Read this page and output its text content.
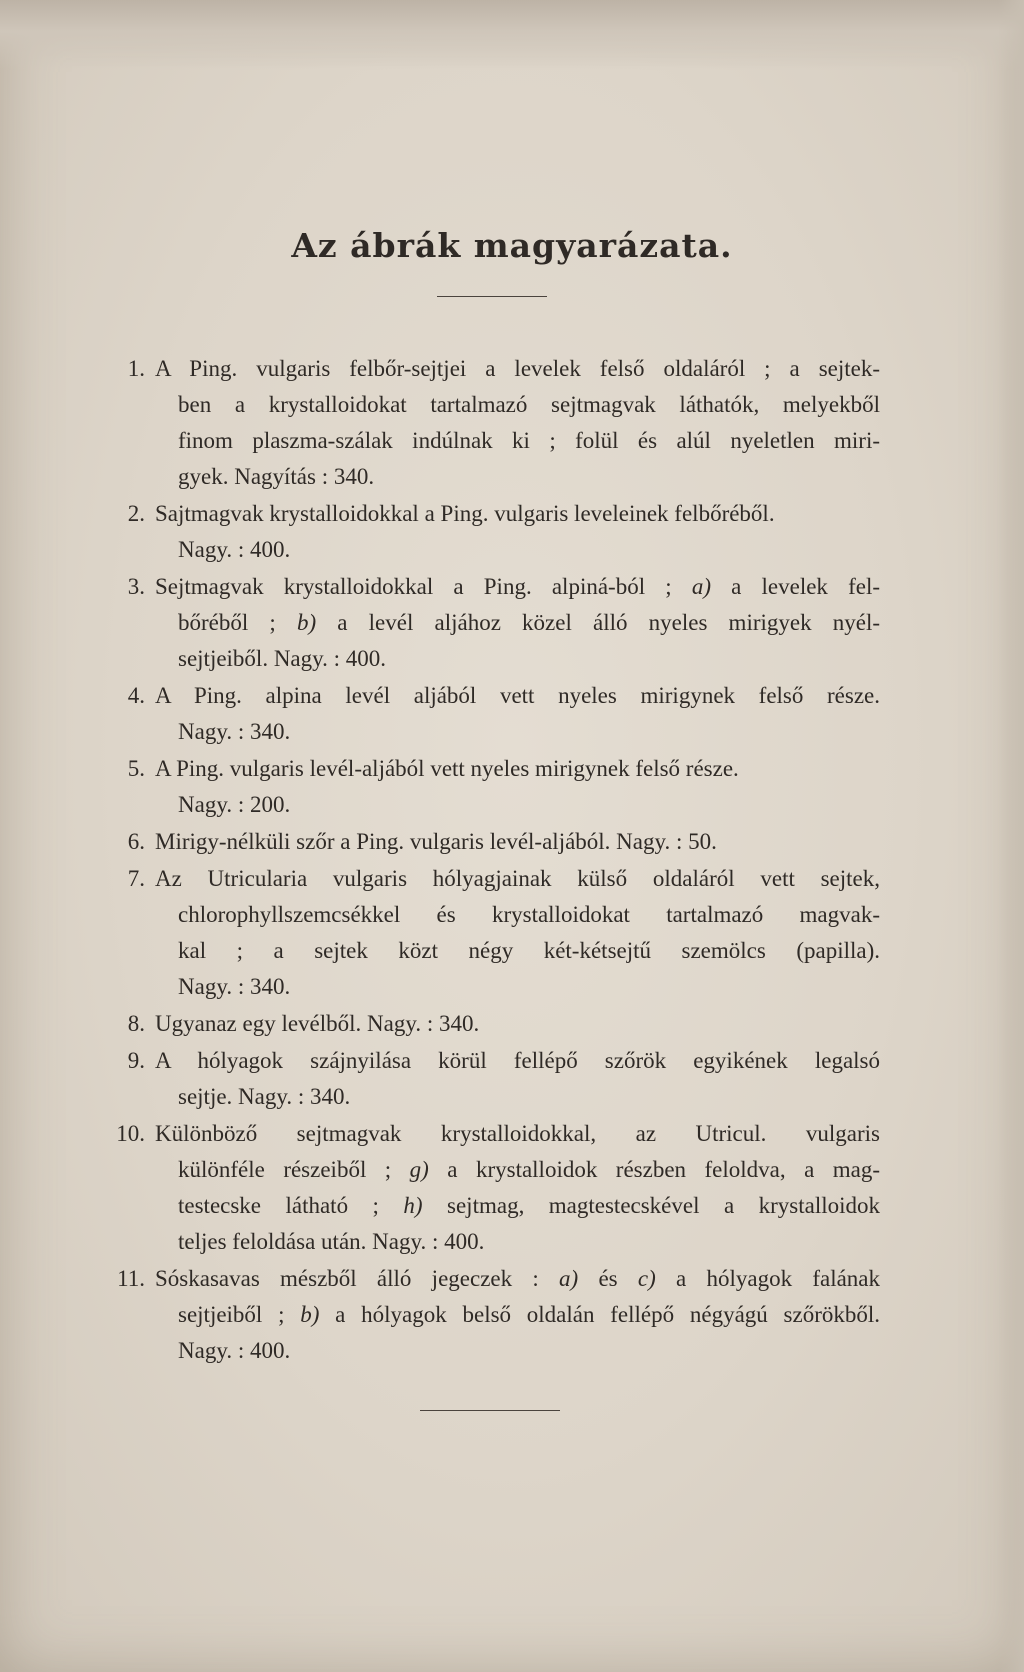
Az ábrák magyarázata.
1. A Ping. vulgaris felbőr-sejtjei a levelek felső oldaláról ; a sejtek-
ben a krystalloidokat tartalmazó sejtmagvak láthatók, melyekből
finom plaszma-szálak indúlnak ki ; folül és alúl nyeletlen miri-
gyek. Nagyítás : 340.
2. Sajtmagvak krystalloidokkal a Ping. vulgaris leveleinek felbőréből.
Nagy. : 400.
3. Sejtmagvak krystalloidokkal a Ping. alpiná-ból ; a) a levelek fel-
bőréből ; b) a levél aljához közel álló nyeles mirigyek nyél-
sejtjeiből. Nagy. : 400.
4. A Ping. alpina levél aljából vett nyeles mirigynek felső része.
Nagy. : 340.
5. A Ping. vulgaris levél-aljából vett nyeles mirigynek felső része.
Nagy. : 200.
6. Mirigy-nélküli szőr a Ping. vulgaris levél-aljából. Nagy. : 50.
7. Az Utricularia vulgaris hólyagjainak külső oldaláról vett sejtek,
chlorophyllszemcsékkel és krystalloidokat tartalmazó magvak-
kal ; a sejtek közt négy két-kétsejtű szemölcs (papilla).
Nagy. : 340.
8. Ugyanaz egy levélből. Nagy. : 340.
9. A hólyagok szájnyilása körül fellépő szőrök egyikének legalsó
sejtje. Nagy. : 340.
10. Különböző sejtmagvak krystalloidokkal, az Utricul. vulgaris
különféle részeiből ; g) a krystalloidok részben feloldva, a mag-
testecske látható ; h) sejtmag, magtestecskével a krystalloidok
teljes feloldása után. Nagy. : 400.
11. Sóskasavas mészből álló jegeczek : a) és c) a hólyagok falának
sejtjeiből ; b) a hólyagok belső oldalán fellépő négyágú szőrökből.
Nagy. : 400.
